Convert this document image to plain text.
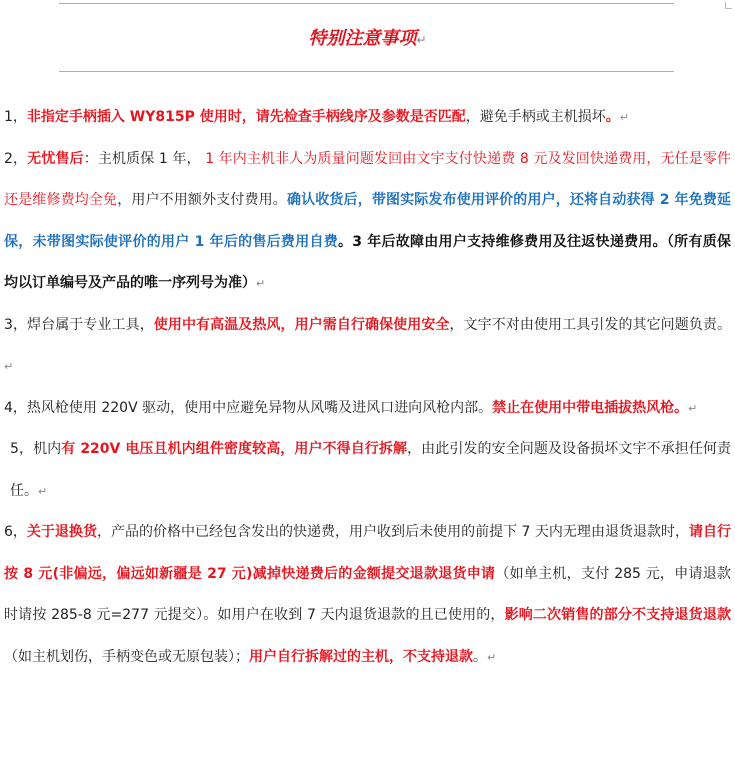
特别注意事项↵

1，非指定手柄插入 WY815P 使用时，请先检查手柄线序及参数是否匹配，避免手柄或主机损坏。↵

2，无忧售后：主机质保 1 年， 1 年内主机非人为质量问题发回由文宇支付快递费 8 元及发回快递费用，无任是零件还是维修费均全免，用户不用额外支付费用。确认收货后，带图实际发布使用评价的用户，还将自动获得 2 年免费延保，未带图实际使评价的用户 1 年后的售后费用自费。3 年后故障由用户支持维修费用及往返快递费用。（所有质保均以订单编号及产品的唯一序列号为准）↵

3，焊台属于专业工具，使用中有高温及热风，用户需自行确保使用安全，文宇不对由使用工具引发的其它问题负责。↵

4，热风枪使用 220V 驱动，使用中应避免异物从风嘴及进风口进向风枪内部。禁止在使用中带电插拔热风枪。↵

5，机内有 220V 电压且机内组件密度较高，用户不得自行拆解，由此引发的安全问题及设备损坏文宇不承担任何责任。↵

6，关于退换货，产品的价格中已经包含发出的快递费，用户收到后未使用的前提下 7 天内无理由退货退款时，请自行按 8 元(非偏远，偏远如新疆是 27 元)减掉快递费后的金额提交退款退货申请（如单主机，支付 285 元，申请退款时请按 285-8 元=277 元提交）。如用户在收到 7 天内退货退款的且已使用的，影响二次销售的部分不支持退货退款（如主机划伤，手柄变色或无原包装）；用户自行拆解过的主机，不支持退款。↵
